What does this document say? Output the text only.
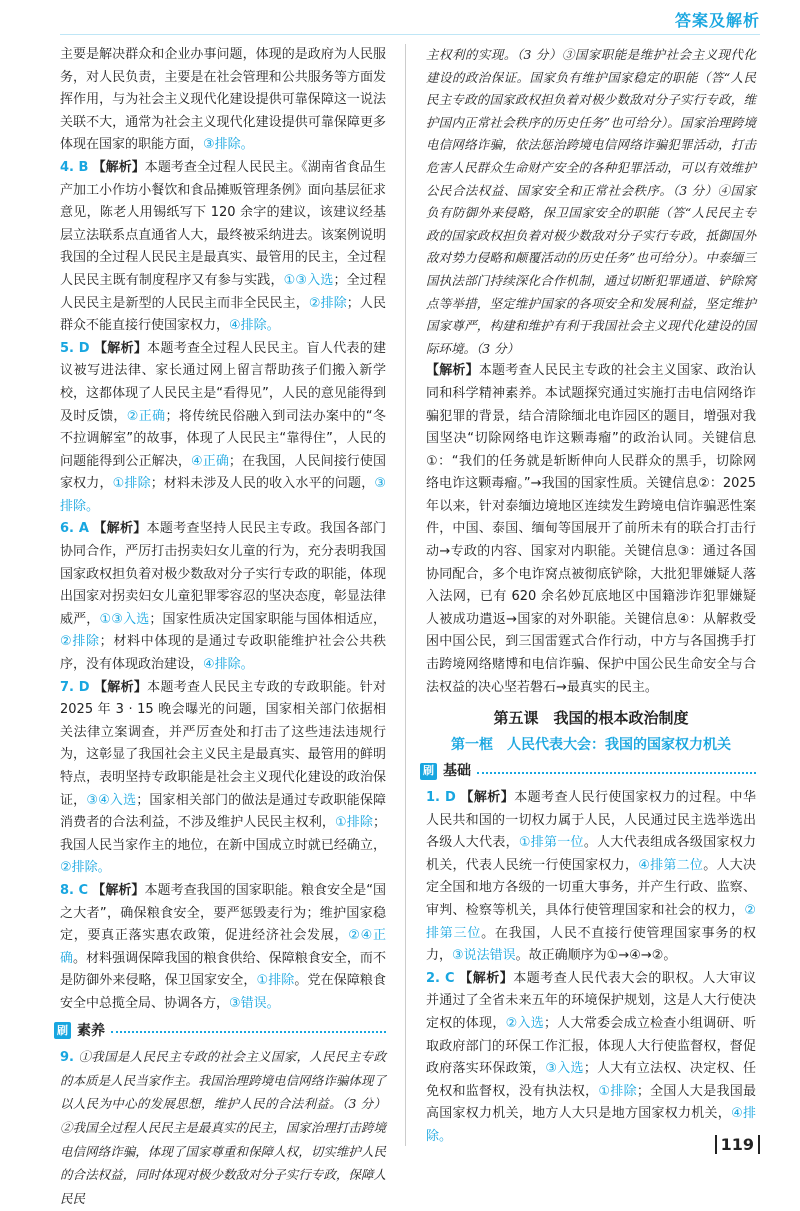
答案及解析

主要是解决群众和企业办事问题，体现的是政府为人民服务，对人民负责，主要是在社会管理和公共服务等方面发挥作用，与为社会主义现代化建设提供可靠保障这一说法关联不大，通常为社会主义现代化建设提供可靠保障更多体现在国家的职能方面，③排除。

4. B 【解析】本题考查全过程人民民主。《湖南省食品生产加工小作坊小餐饮和食品摊贩管理条例》面向基层征求意见，陈老人用锡纸写下 120 余字的建议，该建议经基层立法联系点直通省人大，最终被采纳进去。该案例说明我国的全过程人民民主是最真实、最管用的民主，全过程人民民主既有制度程序又有参与实践，①③入选；全过程人民民主是新型的人民民主而非全民民主，②排除；人民群众不能直接行使国家权力，④排除。

5. D 【解析】本题考查全过程人民民主。盲人代表的建议被写进法律、家长通过网上留言帮助孩子们搬入新学校，这都体现了人民民主是“看得见”，人民的意见能得到及时反馈，②正确；将传统民俗融入到司法办案中的“冬不拉调解室”的故事，体现了人民民主“靠得住”，人民的问题能得到公正解决，④正确；在我国，人民间接行使国家权力，①排除；材料未涉及人民的收入水平的问题，③排除。

6. A 【解析】本题考查坚持人民民主专政。我国各部门协同合作，严厉打击拐卖妇女儿童的行为，充分表明我国国家政权担负着对极少数敌对分子实行专政的职能，体现出国家对拐卖妇女儿童犯罪零容忍的坚决态度，彰显法律威严，①③入选；国家性质决定国家职能与国体相适应，②排除；材料中体现的是通过专政职能维护社会公共秩序，没有体现政治建设，④排除。

7. D 【解析】本题考查人民民主专政的专政职能。针对 2025 年 3 · 15 晚会曝光的问题，国家相关部门依据相关法律立案调查，并严厉查处和打击了这些违法违规行为，这彰显了我国社会主义民主是最真实、最管用的鲜明特点，表明坚持专政职能是社会主义现代化建设的政治保证，③④入选；国家相关部门的做法是通过专政职能保障消费者的合法利益，不涉及维护人民民主权利，①排除；我国人民当家作主的地位，在新中国成立时就已经确立，②排除。

8. C 【解析】本题考查我国的国家职能。粮食安全是“国之大者”，确保粮食安全，要严惩毁麦行为；维护国家稳定，要真正落实惠农政策，促进经济社会发展，②④正确。材料强调保障我国的粮食供给、保障粮食安全，而不是防御外来侵略，保卫国家安全，①排除。党在保障粮食安全中总揽全局、协调各方，③错误。

刷 素养

9. ①我国是人民民主专政的社会主义国家，人民民主专政的本质是人民当家作主。我国治理跨境电信网络诈骗体现了以人民为中心的发展思想，维护人民的合法利益。（3 分）②我国全过程人民民主是最真实的民主，国家治理打击跨境电信网络诈骗，体现了国家尊重和保障人权，切实维护人民的合法权益，同时体现对极少数敌对分子实行专政，保障人民民

主权利的实现。（3 分）③国家职能是维护社会主义现代化建设的政治保证。国家负有维护国家稳定的职能（答“人民民主专政的国家政权担负着对极少数敌对分子实行专政，维护国内正常社会秩序的历史任务”也可给分）。国家治理跨境电信网络诈骗，依法惩治跨境电信网络诈骗犯罪活动，打击危害人民群众生命财产安全的各种犯罪活动，可以有效维护公民合法权益、国家安全和正常社会秩序。（3 分）④国家负有防御外来侵略，保卫国家安全的职能（答“人民民主专政的国家政权担负着对极少数敌对分子实行专政，抵御国外敌对势力侵略和颠覆活动的历史任务”也可给分）。中泰缅三国执法部门持续深化合作机制，通过切断犯罪通道、铲除窝点等举措，坚定维护国家的各项安全和发展利益，坚定维护国家尊严，构建和维护有利于我国社会主义现代化建设的国际环境。（3 分）

【解析】本题考查人民民主专政的社会主义国家、政治认同和科学精神素养。本试题探究通过实施打击电信网络诈骗犯罪的背景，结合清除缅北电诈园区的题目，增强对我国坚决“切除网络电诈这颗毒瘤”的政治认同。关键信息①：“我们的任务就是斩断伸向人民群众的黑手，切除网络电诈这颗毒瘤。”→我国的国家性质。关键信息②：2025 年以来，针对泰缅边境地区连续发生跨境电信诈骗恶性案件，中国、泰国、缅甸等国展开了前所未有的联合打击行动→专政的内容、国家对内职能。关键信息③：通过各国协同配合，多个电诈窝点被彻底铲除，大批犯罪嫌疑人落入法网，已有 620 余名妙瓦底地区中国籍涉诈犯罪嫌疑人被成功遣返→国家的对外职能。关键信息④：从解救受困中国公民，到三国雷霆式合作行动，中方与各国携手打击跨境网络赌博和电信诈骗、保护中国公民生命安全与合法权益的决心坚若磐石→最真实的民主。

第五课　我国的根本政治制度
第一框　人民代表大会：我国的国家权力机关
刷 基础

1. D 【解析】本题考查人民行使国家权力的过程。中华人民共和国的一切权力属于人民，人民通过民主选举选出各级人大代表，①排第一位。人大代表组成各级国家权力机关，代表人民统一行使国家权力，④排第二位。人大决定全国和地方各级的一切重大事务，并产生行政、监察、审判、检察等机关，具体行使管理国家和社会的权力，②排第三位。在我国，人民不直接行使管理国家事务的权力，③说法错误。故正确顺序为①→④→②。

2. C 【解析】本题考查人民代表大会的职权。人大审议并通过了全省未来五年的环境保护规划，这是人大行使决定权的体现，②入选；人大常委会成立检查小组调研、听取政府部门的环保工作汇报，体现人大行使监督权，督促政府落实环保政策，③入选；人大有立法权、决定权、任免权和监督权，没有执法权，①排除；全国人大是我国最高国家权力机关，地方人大只是地方国家权力机关，④排除。	119
